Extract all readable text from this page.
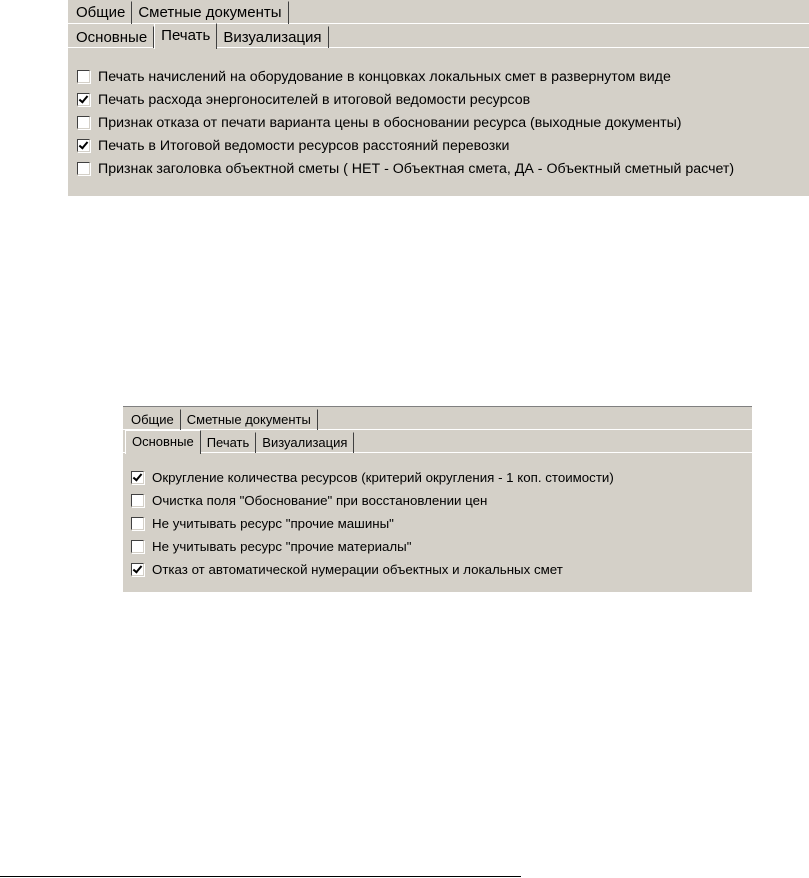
Общие Сметные документы
Основные Печать Визуализация
Печать начислений на оборудование в концовках локальных смет в развернутом виде
Печать расхода энергоносителей в итоговой ведомости ресурсов
Признак отказа от печати варианта цены в обосновании ресурса (выходные документы)
Печать в Итоговой ведомости ресурсов расстояний перевозки
Признак заголовка объектной сметы ( НЕТ - Объектная смета, ДА - Объектный сметный расчет)
Общие	Сметные документы
Основные	Печать	Визуализация
Округление количества ресурсов (критерий округления - 1 коп. стоимости)
Очистка поля "Обоснование" при восстановлении цен
Не учитывать ресурс "прочие машины"
Не учитывать ресурс "прочие материалы"
Отказ от автоматической нумерации объектных и локальных смет
